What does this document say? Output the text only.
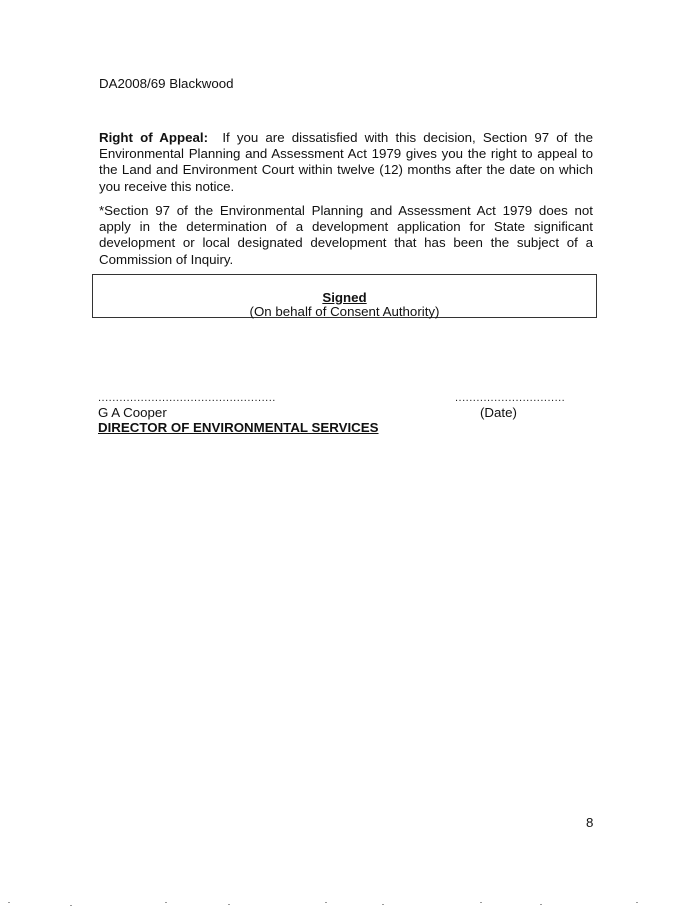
DA2008/69 Blackwood
Right of Appeal: If you are dissatisfied with this decision, Section 97 of the Environmental Planning and Assessment Act 1979 gives you the right to appeal to the Land and Environment Court within twelve (12) months after the date on which you receive this notice.
*Section 97 of the Environmental Planning and Assessment Act 1979 does not apply in the determination of a development application for State significant development or local designated development that has been the subject of a Commission of Inquiry.
Signed
(On behalf of Consent Authority)
..................................................	...............................
G A Cooper
DIRECTOR OF ENVIRONMENTAL SERVICES
(Date)
8
